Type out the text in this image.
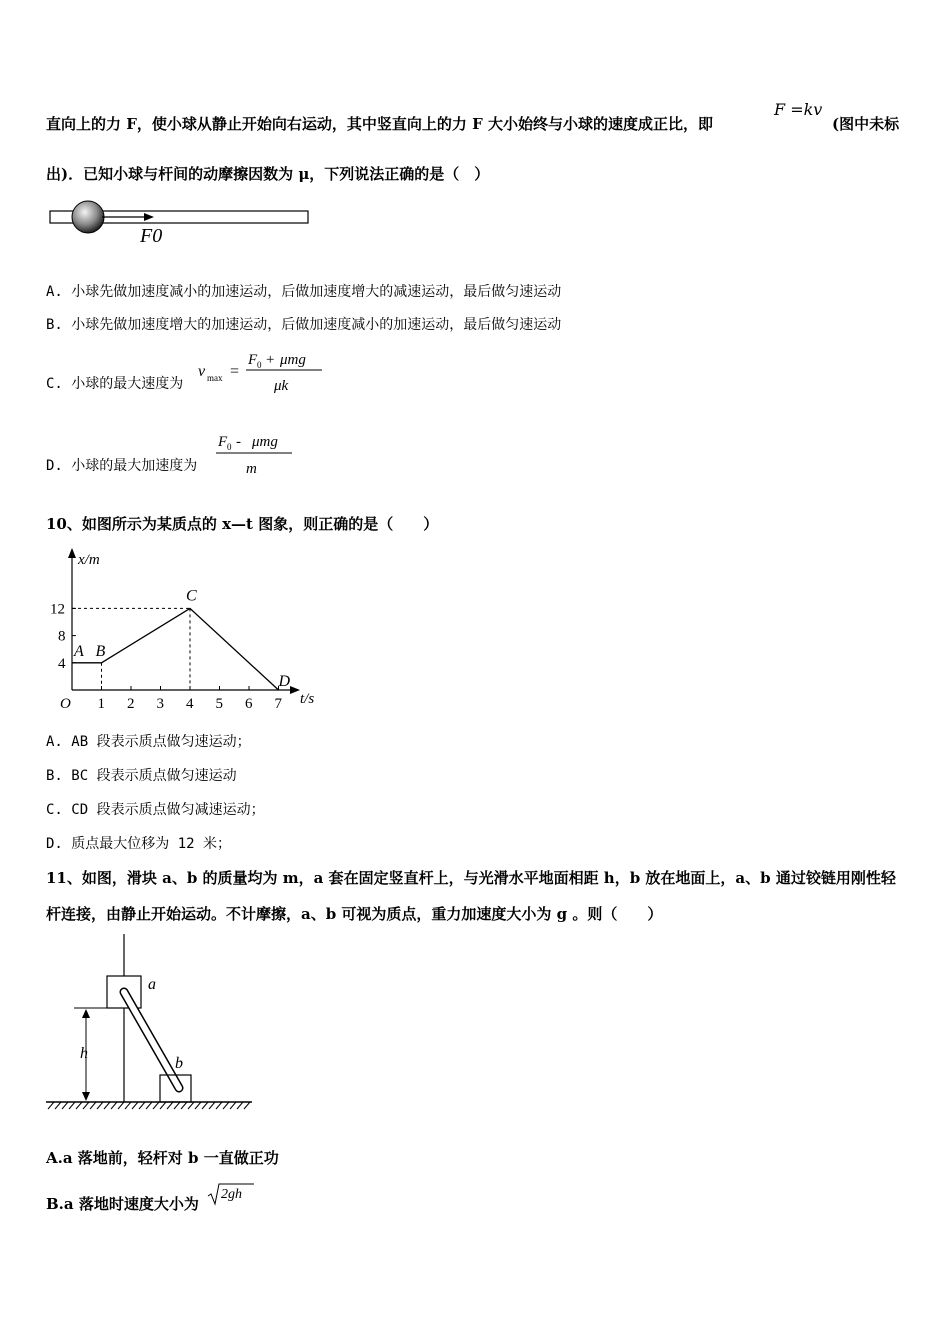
直向上的力 F，使小球从静止开始向右运动，其中竖直向上的力 F 大小始终与小球的速度成正比，即
F =kv
(图中未标
出)．已知小球与杆间的动摩擦因数为 μ，下列说法正确的是（　）
F0
A. 小球先做加速度减小的加速运动，后做加速度增大的减速运动，最后做匀速运动
B. 小球先做加速度增大的加速运动，后做加速度减小的加速运动，最后做匀速运动
C. 小球的最大速度为
v max =
F 0 + μmg
μk
D. 小球的最大加速度为
F 0 - μmg
m
10、如图所示为某质点的 x—t 图象，则正确的是（　　）
x/m
t/s
O 1 2 3 4 5 6 7
4
8
12
A B
C
D
A. AB 段表示质点做匀速运动；
B. BC 段表示质点做匀速运动
C. CD 段表示质点做匀减速运动；
D. 质点最大位移为 12 米；
11、如图，滑块 a、b 的质量均为 m，a 套在固定竖直杆上，与光滑水平地面相距 h，b 放在地面上，a、b 通过铰链用刚性轻
杆连接，由静止开始运动。不计摩擦，a、b 可视为质点，重力加速度大小为 g 。则（　　）
a
b
h
A.a 落地前，轻杆对 b 一直做正功
B.a 落地时速度大小为
2gh
